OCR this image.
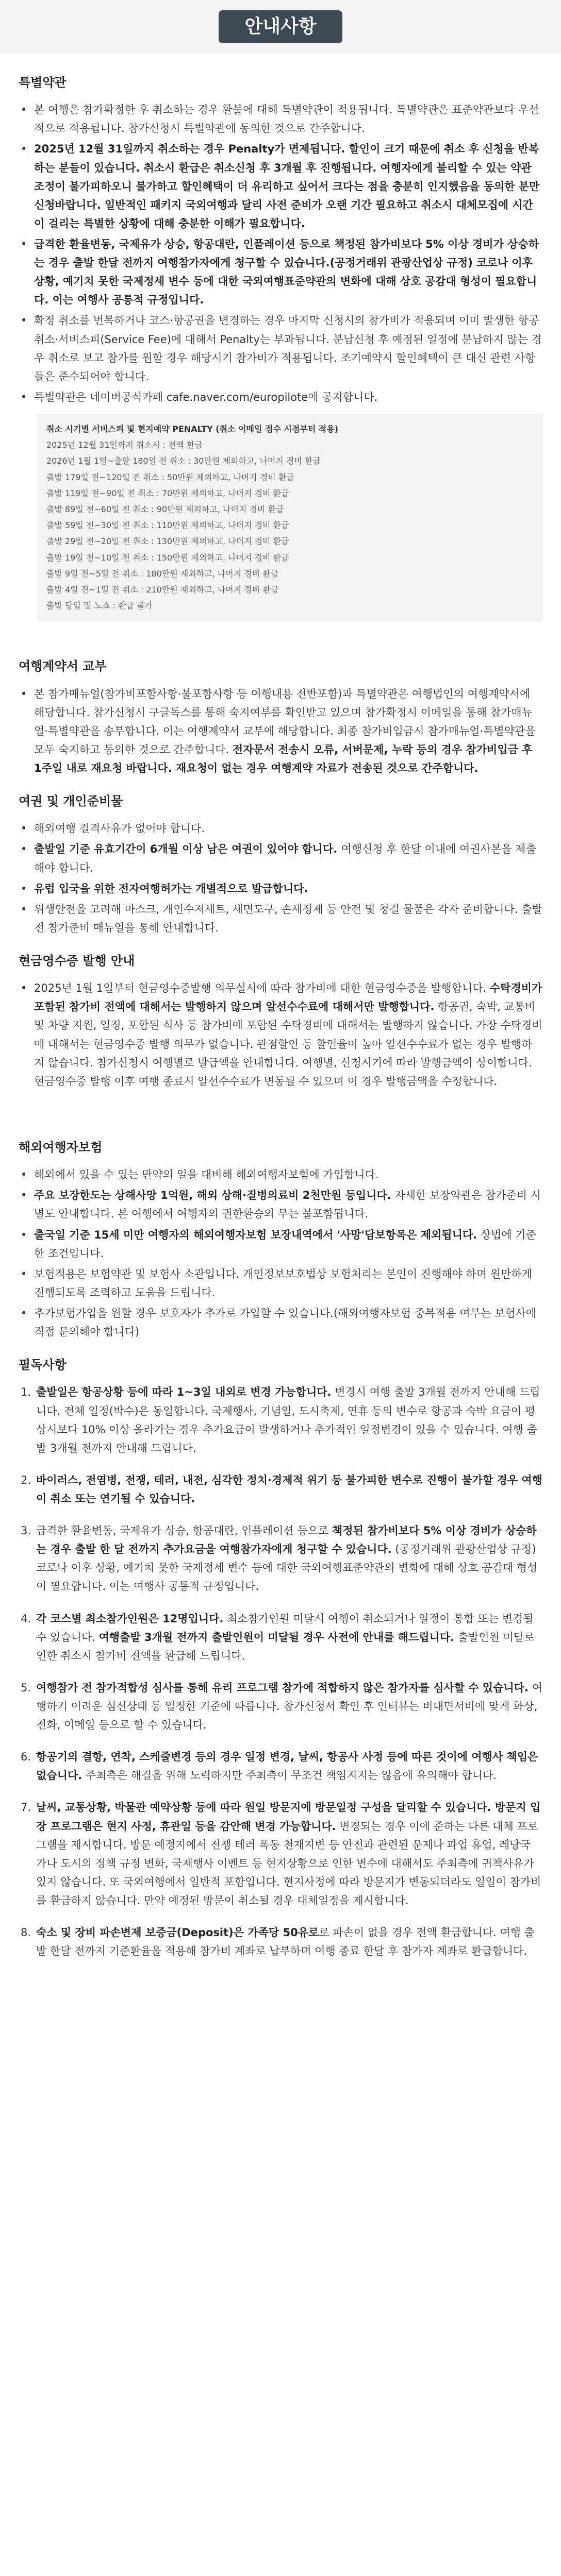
안내사항
특별약관
• 본 여행은 참가확정한 후 취소하는 경우 환불에 대해 특별약관이 적용됩니다. 특별약관은 표준약관보다 우선적으로 적용됩니다. 참가신청시 특별약관에 동의한 것으로 간주합니다.
• 2025년 12월 31일까지 취소하는 경우 Penalty가 면제됩니다. 할인이 크기 때문에 취소 후 신청을 반복하는 분들이 있습니다. 취소시 환급은 취소신청 후 3개월 후 진행됩니다. 여행자에게 불리할 수 있는 약관 조정이 불가피하오니 불가하고 할인혜택이 더 유리하고 싶어서 크다는 점을 충분히 인지했음을 동의한 분만 신청바랍니다. 일반적인 패키지 국외여행과 달리 사전 준비가 오랜 기간 필요하고 취소시 대체모집에 시간이 걸리는 특별한 상황에 대해 충분한 이해가 필요합니다.
• 급격한 환율변동, 국제유가 상승, 항공대란, 인플레이션 등으로 책정된 참가비보다 5% 이상 경비가 상승하는 경우 출발 한달 전까지 여행참가자에게 청구할 수 있습니다.(공정거래위 관광산업상 규정) 코로나 이후 상황, 예기치 못한 국제정세 변수 등에 대한 국외여행표준약관의 변화에 대해 상호 공감대 형성이 필요합니다. 이는 여행사 공통적 규정입니다.
• 확정 취소를 번복하거나 코스·항공권을 변경하는 경우 마지막 신청시의 참가비가 적용되며 이미 발생한 항공취소·서비스피(Service Fee)에 대해서 Penalty는 부과됩니다. 분납신청 후 예정된 일정에 분납하지 않는 경우 취소로 보고 참가를 원할 경우 해당시기 참가비가 적용됩니다. 조기예약시 할인혜택이 큰 대신 관련 사항들은 준수되어야 합니다.
• 특별약관은 네이버공식카페 cafe.naver.com/europilote에 공지합니다.
취소 시기별 서비스피 및 현지예약 PENALTY (취소 이메일 접수 시점부터 적용)
2025년 12월 31일까지 취소시 : 전액 환급
2026년 1월 1일~출발 180일 전 취소 : 30만원 제외하고, 나머지 경비 환급
출발 179일 전~120일 전 취소 : 50만원 제외하고, 나머지 경비 환급
출발 119일 전~90일 전 취소 : 70만원 제외하고, 나머지 경비 환급
출발 89일 전~60일 전 취소 : 90만원 제외하고, 나머지 경비 환급
출발 59일 전~30일 전 취소 : 110만원 제외하고, 나머지 경비 환급
출발 29일 전~20일 전 취소 : 130만원 제외하고, 나머지 경비 환급
출발 19일 전~10일 전 취소 : 150만원 제외하고, 나머지 경비 환급
출발 9일 전~5일 전 취소 : 180만원 제외하고, 나머지 경비 환급
출발 4일 전~1일 전 취소 : 210만원 제외하고, 나머지 경비 환급
출발 당일 및 노쇼 : 환급 불가
여행계약서 교부
• 본 참가매뉴얼(참가비포함사항·불포함사항 등 여행내용 전반포함)과 특별약관은 여행법인의 여행계약서에 해당합니다. 참가신청시 구글독스를 통해 숙지여부를 확인받고 있으며 참가확정시 이메일을 통해 참가매뉴얼·특별약관을 송부합니다. 이는 여행계약서 교부에 해당합니다. 최종 참가비입금시 참가매뉴얼·특별약관을 모두 숙지하고 동의한 것으로 간주합니다. 전자문서 전송시 오류, 서버문제, 누락 등의 경우 참가비입금 후 1주일 내로 재요청 바랍니다. 재요청이 없는 경우 여행계약 자료가 전송된 것으로 간주합니다.
여권 및 개인준비물
• 해외여행 결격사유가 없어야 합니다.
• 출발일 기준 유효기간이 6개월 이상 남은 여권이 있어야 합니다. 여행신청 후 한달 이내에 여권사본을 제출해야 합니다.
• 유럽 입국을 위한 전자여행허가는 개별적으로 발급합니다.
• 위생안전을 고려해 마스크, 개인수저세트, 세면도구, 손세정제 등 안전 및 청결 물품은 각자 준비합니다. 출발 전 참가준비 매뉴얼을 통해 안내합니다.
현금영수증 발행 안내
• 2025년 1월 1일부터 현금영수증발행 의무실시에 따라 참가비에 대한 현금영수증을 발행합니다. 수탁경비가 포함된 참가비 전액에 대해서는 발행하지 않으며 알선수수료에 대해서만 발행합니다. 항공권, 숙박, 교통비 및 차량 지원, 일정, 포함된 식사 등 참가비에 포함된 수탁경비에 대해서는 발행하지 않습니다. 가장 수탁경비에 대해서는 현금영수증 발행 의무가 없습니다. 관점할인 등 할인율이 높아 알선수수료가 없는 경우 발행하지 않습니다. 참가신청시 여행별로 발급액을 안내합니다. 여행별, 신청시기에 따라 발행금액이 상이합니다. 현금영수증 발행 이후 여행 종료시 알선수수료가 변동될 수 있으며 이 경우 발행금액을 수정합니다.
해외여행자보험
• 해외에서 있을 수 있는 만약의 일을 대비해 해외여행자보험에 가입합니다.
• 주요 보장한도는 상해사망 1억원, 해외 상해·질병의료비 2천만원 등입니다. 자세한 보장약관은 참가준비 시 별도 안내합니다. 본 여행에서 여행자의 권한환승의 무는 불포함됩니다.
• 출국일 기준 15세 미만 여행자의 해외여행자보험 보장내역에서 '사망'담보항목은 제외됩니다. 상법에 기준한 조건입니다.
• 보험적용은 보험약관 및 보험사 소관입니다. 개인정보보호법상 보험처리는 본인이 진행해야 하며 원만하게 진행되도록 조력하고 도움을 드립니다.
• 추가보험가입을 원할 경우 보호자가 추가로 가입할 수 있습니다.(해외여행자보험 중복적용 여부는 보험사에 직접 문의해야 합니다)
필독사항
1. 출발일은 항공상황 등에 따라 1~3일 내외로 변경 가능합니다. 변경시 여행 출발 3개월 전까지 안내해 드립니다. 전체 일정(박수)은 동일합니다. 국제행사, 기념일, 도시축제, 연휴 등의 변수로 항공과 숙박 요금이 평상시보다 10% 이상 올라가는 경우 추가요금이 발생하거나 추가적인 일정변경이 있을 수 있습니다. 여행 출발 3개월 전까지 안내해 드립니다.
2. 바이러스, 전염병, 전쟁, 테러, 내전, 심각한 정치·경제적 위기 등 불가피한 변수로 진행이 불가할 경우 여행이 취소 또는 연기될 수 있습니다.
3. 급격한 환율변동, 국제유가 상승, 항공대란, 인플레이션 등으로 책정된 참가비보다 5% 이상 경비가 상승하는 경우 출발 한 달 전까지 추가요금을 여행참가자에게 청구할 수 있습니다. (공정거래위 관광산업상 규정) 코로나 이후 상황, 예기치 못한 국제정세 변수 등에 대한 국외여행표준약관의 변화에 대해 상호 공감대 형성이 필요합니다. 이는 여행사 공통적 규정입니다.
4. 각 코스별 최소참가인원은 12명입니다. 최소참가인원 미달시 여행이 취소되거나 일정이 통합 또는 변경될 수 있습니다. 여행출발 3개월 전까지 출발인원이 미달될 경우 사전에 안내를 해드립니다. 출발인원 미달로 인한 취소시 참가비 전액을 환급해 드립니다.
5. 여행참가 전 참가적합성 심사를 통해 유리 프로그램 참가에 적합하지 않은 참가자를 심사할 수 있습니다. 여행하기 어려운 심신상태 등 일정한 기준에 따릅니다. 참가신청서 확인 후 인터뷰는 비대면서비에 맞게 화상, 전화, 이메일 등으로 할 수 있습니다.
6. 항공기의 결항, 연착, 스케줄변경 등의 경우 일정 변경, 날씨, 항공사 사정 등에 따른 것이에 여행사 책임은 없습니다. 주최측은 해결을 위해 노력하지만 주최측이 무조건 책임지지는 않음에 유의해야 합니다.
7. 날씨, 교통상황, 박물관 예약상황 등에 따라 원일 방문지에 방문일정 구성을 달리할 수 있습니다. 방문지 입장 프로그램은 현지 사정, 휴관일 등을 감안해 변경 가능합니다. 변경되는 경우 이에 준하는 다른 대체 프로그램을 제시합니다. 방문 예정지에서 전쟁 테러 폭동 천재지변 등 안전과 관련된 문제나 파업 휴업, 레당국 가나 도시의 정책 규정 변화, 국제행사 이벤트 등 현지상황으로 인한 변수에 대해서도 주최측에 귀책사유가 있지 않습니다. 또 국외여행에서 일반적 포함입니다. 현지사정에 따라 방문지가 변동되더라도 일일이 참가비를 환급하지 않습니다. 만약 예정된 방문이 취소될 경우 대체일정을 제시합니다.
8. 숙소 및 장비 파손변제 보증금(Deposit)은 가족당 50유로로 파손이 없을 경우 전액 환급합니다. 여행 출발 한달 전까지 기준환율을 적용해 참가비 계좌로 납부하며 여행 종료 한달 후 참가자 계좌로 환급합니다.
